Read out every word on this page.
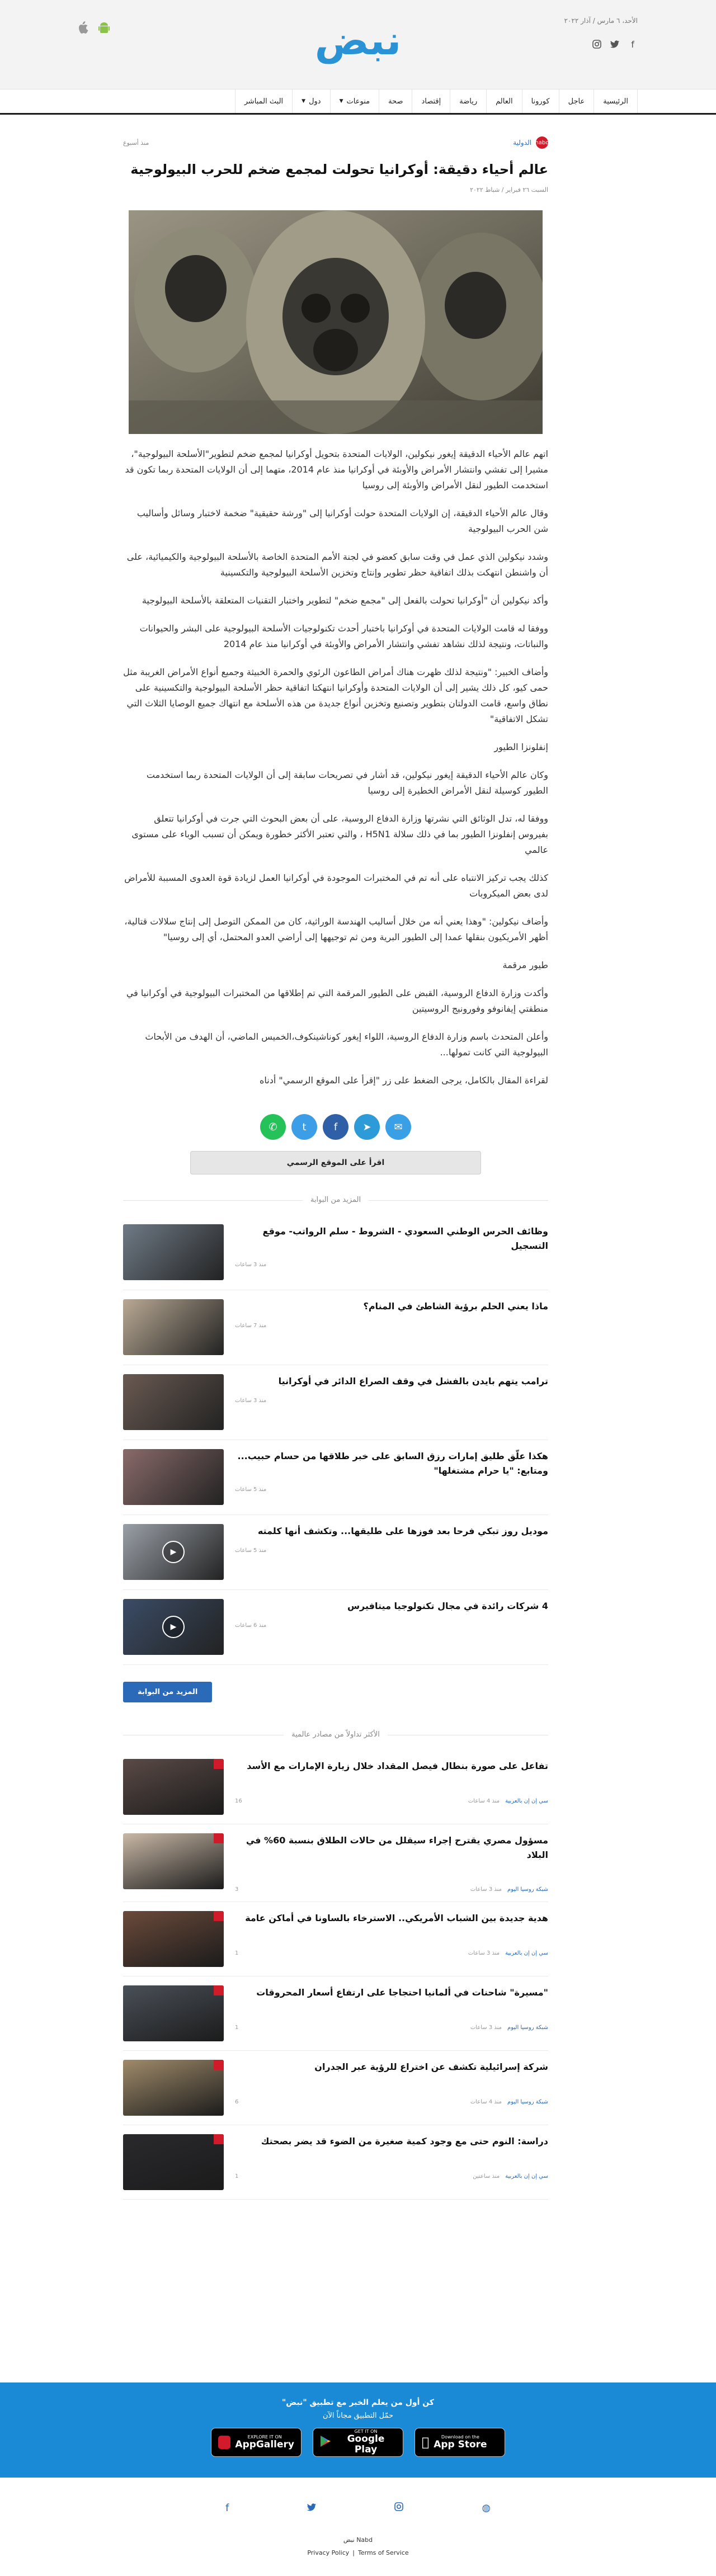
الأحد، ٦ مارس / آذار ٢٠٢٢
f
نبض
الرئيسية
عاجل
كورونا
العالم
رياضة
إقتصاد
صحة
منوعات
▼
دول
▼
البث المباشر
nabd
الدولية
منذ أسبوع
عالم أحياء دقيقة: أوكرانيا تحولت لمجمع ضخم للحرب البيولوجية
السبت ٢٦ فبراير / شباط ٢٠٢٢

اتهم عالم الأحياء الدقيقة إيغور نيكولين، الولايات المتحدة بتحويل أوكرانيا لمجمع ضخم لتطوير"الأسلحة البيولوجية"، مشيرا إلى تفشي وانتشار الأمراض والأوبئة في أوكرانيا منذ عام 2014، متهما إلى أن الولايات المتحدة ربما تكون قد استخدمت الطيور لنقل الأمراض والأوبئة إلى روسيا

وقال عالم الأحياء الدقيقة، إن الولايات المتحدة حولت أوكرانيا إلى "ورشة حقيقية" ضخمة لاختبار وسائل وأساليب شن الحرب البيولوجية

وشدد نيكولين الذي عمل في وقت سابق كعضو في لجنة الأمم المتحدة الخاصة بالأسلحة البيولوجية والكيميائية، على أن واشنطن انتهكت بذلك اتفاقية حظر تطوير وإنتاج وتخزين الأسلحة البيولوجية والتكسينية

وأكد نيكولين أن "أوكرانيا تحولت بالفعل إلى "مجمع ضخم" لتطوير واختبار التقنيات المتعلقة بالأسلحة البيولوجية

ووفقا له قامت الولايات المتحدة في أوكرانيا باختبار أحدث تكنولوجيات الأسلحة البيولوجية على البشر والحيوانات والنباتات، ونتيجة لذلك نشاهد تفشي وانتشار الأمراض والأوبئة في أوكرانيا منذ عام 2014

وأضاف الخبير: "ونتيجة لذلك ظهرت هناك أمراض الطاعون الرئوي والحمرة الخبيثة وجميع أنواع الأمراض الغريبة مثل حمى كيو، كل ذلك يشير إلى أن الولايات المتحدة وأوكرانيا انتهكتا اتفاقية حظر الأسلحة البيولوجية والتكسينية على نطاق واسع، قامت الدولتان بتطوير وتصنيع وتخزين أنواع جديدة من هذه الأسلحة مع انتهاك جميع الوصايا الثلاث التي تشكل الاتفاقية"

إنفلونزا الطيور

وكان عالم الأحياء الدقيقة إيغور نيكولين، قد أشار في تصريحات سابقة إلى أن الولايات المتحدة ربما استخدمت الطيور كوسيلة لنقل الأمراض الخطيرة إلى روسيا

ووفقا له، تدل الوثائق التي نشرتها وزارة الدفاع الروسية، على أن بعض البحوث التي جرت في أوكرانيا تتعلق بفيروس إنفلونزا الطيور بما في ذلك سلالة H5N1 ، والتي تعتبر الأكثر خطورة ويمكن أن تسبب الوباء على مستوى عالمي

كذلك يجب تركيز الانتباه على أنه تم في المختبرات الموجودة في أوكرانيا العمل لزيادة قوة العدوى المسببة للأمراض لدى بعض الميكروبات

وأضاف نيكولين: "وهذا يعني أنه من خلال أساليب الهندسة الوراثية، كان من الممكن التوصل إلى إنتاج سلالات قتالية، أظهر الأمريكيون بنقلها عمدا إلى الطيور البرية ومن ثم توجيهها إلى أراضي العدو المحتمل، أي إلى روسيا"

طيور مرقمة

وأكدت وزارة الدفاع الروسية، القبض على الطيور المرقمة التي تم إطلاقها من المختبرات البيولوجية في أوكرانيا في منطقتي إيفانوفو وفورونيج الروسيتين

وأعلن المتحدث باسم وزارة الدفاع الروسية، اللواء إيغور كوناشينكوف،الخميس الماضي، أن الهدف من الأبحاث البيولوجية التي كانت تمولها...

لقراءة المقال بالكامل، يرجى الضغط على زر "إقرأ على الموقع الرسمي" أدناه

✆ t	f	➤ ✉
اقرأ على الموقع الرسمي
المزيد من البوابة
وظائف الحرس الوطني السعودي - الشروط - سلم الرواتب- موقع التسجيل
منذ 3 ساعات
ماذا يعني الحلم برؤية الشاطئ في المنام؟
منذ 7 ساعات
ترامب يتهم بايدن بالفشل في وقف الصراع الدائر في أوكرانيا
منذ 3 ساعات
هكذا علّق طليق إمارات رزق السابق على خبر طلاقها من حسام حبيب... ومتابع: "يا حرام مشتغلها"
منذ 5 ساعات
موديل روز تبكي فرحا بعد فوزها على طليقها... وتكشف أنها كلمته
منذ 5 ساعات
▶
4 شركات رائدة في مجال تكنولوجيا ميتافيرس
منذ 6 ساعات
▶
المزيد من البوابة
الأكثر تداولاً من مصادر عالمية
تفاعل على صورة بنطال فيصل المقداد خلال زيارة الإمارات مع الأسد
سي إن إن بالعربية
منذ 4 ساعات
16
مسؤول مصري يقترح إجراء سيقلل من حالات الطلاق بنسبة 60% في البلاد
شبكة روسيا اليوم
منذ 3 ساعات
3
هدية جديدة بين الشباب الأمريكي.. الاسترخاء بالساونا في أماكن عامة
سي إن إن بالعربية
منذ 3 ساعات
1
"مسيرة" شاحنات في ألمانيا احتجاجا على ارتفاع أسعار المحروقات
شبكة روسيا اليوم
منذ 3 ساعات
1
شركة إسرائيلية تكشف عن اختراع للرؤية عبر الجدران
شبكة روسيا اليوم
منذ 4 ساعات
6
دراسة: النوم حتى مع وجود كمية صغيرة من الضوء قد يضر بصحتك
سي إن إن بالعربية
منذ ساعتين
1
كن أول من يعلم الخبر مع تطبيق "نبض"
حمّل التطبيق مجاناً الآن
Download on the
App Store
GET IT ON
Google Play
EXPLORE IT ON
AppGallery
◍
f
Nabd نبض
Privacy Policy | Terms of Service
